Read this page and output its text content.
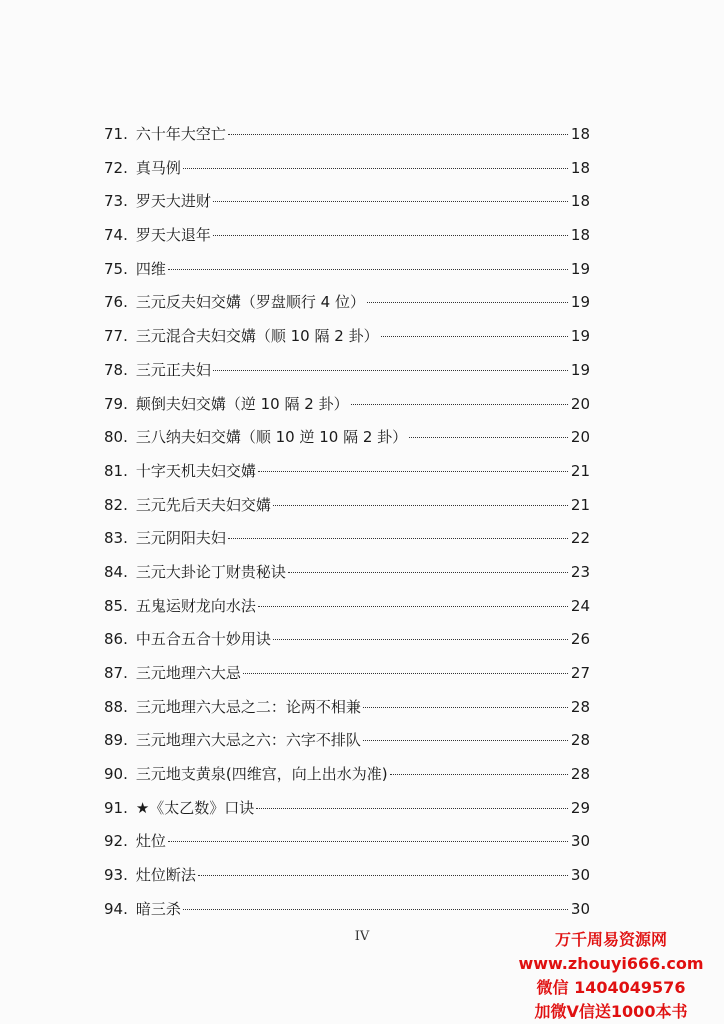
71. 六十年大空亡	18
72. 真马例	18
73. 罗天大进财	18
74. 罗天大退年	18
75. 四维	19
76. 三元反夫妇交媾（罗盘顺行 4 位）	19
77. 三元混合夫妇交媾（顺 10 隔 2 卦）	19
78. 三元正夫妇	19
79. 颠倒夫妇交媾（逆 10 隔 2 卦）	20
80. 三八纳夫妇交媾（顺 10 逆 10 隔 2 卦）	20
81. 十字天机夫妇交媾	21
82. 三元先后天夫妇交媾	21
83. 三元阴阳夫妇	22
84. 三元大卦论丁财贵秘诀	23
85. 五鬼运财龙向水法	24
86. 中五合五合十妙用诀	26
87. 三元地理六大忌	27
88. 三元地理六大忌之二：论两不相兼	28
89. 三元地理六大忌之六：六字不排队	28
90. 三元地支黄泉(四维宫，向上出水为准)	28
91. ★《太乙数》口诀	29
92. 灶位	30
93. 灶位断法	30
94. 暗三杀	30
IV	万千周易资源网
www.zhouyi666.com
微信 1404049576
加微V信送1000本书
